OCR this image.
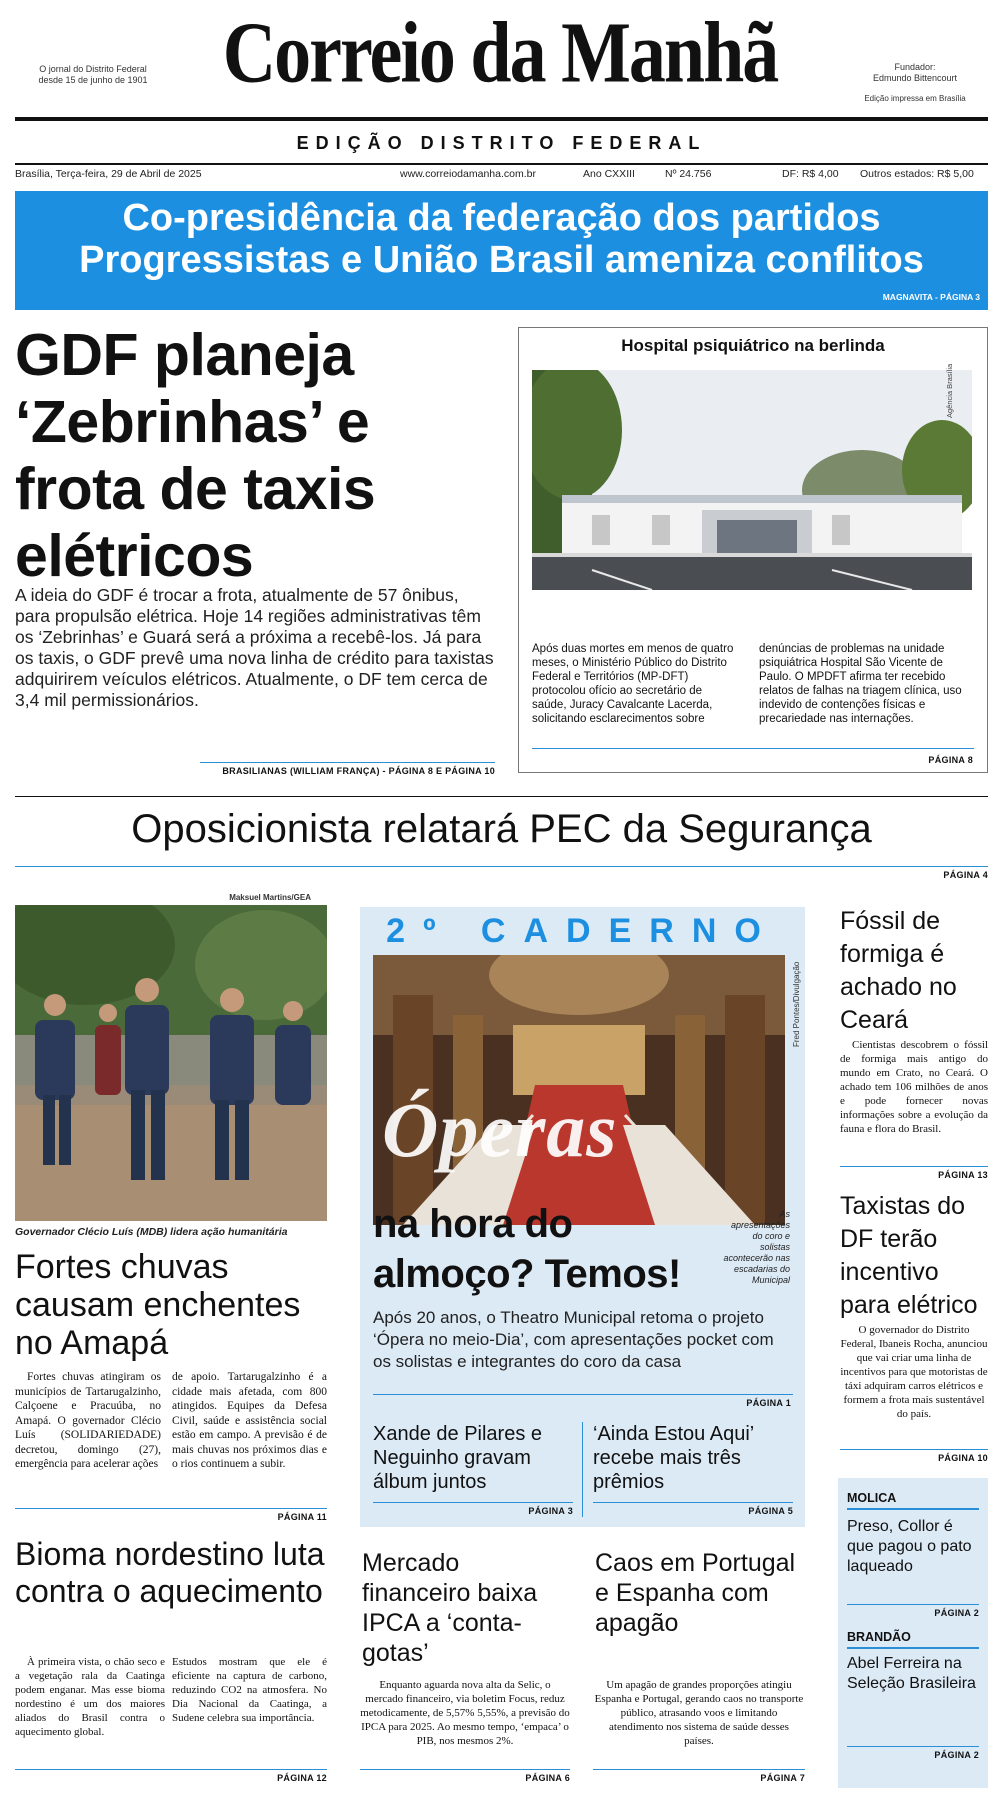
O jornal do Distrito Federal
desde 15 de junho de 1901	Correio da Manhã	Fundador:
Edmundo Bittencourt
Edição impressa em Brasília
EDIÇÃO DISTRITO FEDERAL
Brasília, Terça-feira, 29 de Abril de 2025	www.correiodamanha.com.br	Ano CXXIII	Nº 24.756	DF: R$ 4,00 Outros estados: R$ 5,00
Co-presidência da federação dos partidos
Progressistas e União Brasil ameniza conflitos
MAGNAVITA - PÁGINA 3
GDF planeja
‘Zebrinhas’ e
frota de taxis
elétricos
A ideia do GDF é trocar a frota, atualmente de 57 ônibus, para propulsão elétrica. Hoje 14 regiões administrativas têm os ‘Zebrinhas’ e Guará será a próxima a recebê-los. Já para os taxis, o GDF prevê uma nova linha de crédito para taxistas adquirirem veículos elétricos. Atualmente, o DF tem cerca de 3,4 mil permissionários.
BRASILIANAS (WILLIAM FRANÇA) - PÁGINA 8 E PÁGINA 10
Hospital psiquiátrico na berlinda
Agência Brasília
Após duas mortes em menos de quatro meses, o Ministério Público do Distrito Federal e Territórios (MP-DFT) protocolou ofício ao secretário de saúde, Juracy Cavalcante Lacerda, solicitando esclarecimentos sobre
denúncias de problemas na unidade psiquiátrica Hospital São Vicente de Paulo. O MPDFT afirma ter recebido relatos de falhas na triagem clínica, uso indevido de contenções físicas e precariedade nas internações.
PÁGINA 8
Oposicionista relatará PEC da Segurança
PÁGINA 4
Maksuel Martins/GEA
Governador Clécio Luís (MDB) lidera ação humanitária
Fortes chuvas causam enchentes no Amapá
Fortes chuvas atingiram os municípios de Tartarugalzinho, Calçoene e Pracuúba, no Amapá. O governador Clécio Luís (SOLIDARIEDADE) decretou, domingo (27), emergência para acelerar ações
de apoio. Tartarugalzinho é a cidade mais afetada, com 800 atingidos. Equipes da Defesa Civil, saúde e assistência social estão em campo. A previsão é de mais chuvas nos próximos dias e o rios continuem a subir.
PÁGINA 11
2º CADERNO
Óperas
Fred Pontes/Divulgação
na hora do
almoço? Temos!
As apresentações do coro e solistas acontecerão nas escadarias do Municipal
Após 20 anos, o Theatro Municipal retoma o projeto ‘Ópera no meio-Dia’, com apresentações pocket com os solistas e integrantes do coro da casa
PÁGINA 1
Xande de Pilares e Neguinho gravam álbum juntos
‘Ainda Estou Aqui’ recebe mais três prêmios
PÁGINA 3	PÁGINA 5
Fóssil de formiga é achado no Ceará
Cientistas descobrem o fóssil de formiga mais antigo do mundo em Crato, no Ceará. O achado tem 106 milhões de anos e pode fornecer novas informações sobre a evolução da fauna e flora do Brasil.
PÁGINA 13
Taxistas do DF terão incentivo para elétrico
O governador do Distrito Federal, Ibaneis Rocha, anunciou que vai criar uma linha de incentivos para que motoristas de táxi adquiram carros elétricos e formem a frota mais sustentável do país.
PÁGINA 10
MOLICA
Preso, Collor é que pagou o pato laqueado
PÁGINA 2
BRANDÃO
Abel Ferreira na Seleção Brasileira
PÁGINA 2
Bioma nordestino luta contra o aquecimento
À primeira vista, o chão seco e a vegetação rala da Caatinga podem enganar. Mas esse bioma nordestino é um dos maiores aliados do Brasil contra o aquecimento global.
Estudos mostram que ele é eficiente na captura de carbono, reduzindo CO2 na atmosfera. No Dia Nacional da Caatinga, a Sudene celebra sua importância.
PÁGINA 12
Mercado financeiro baixa IPCA a ‘conta-gotas’
Enquanto aguarda nova alta da Selic, o mercado financeiro, via boletim Focus, reduz metodicamente, de 5,57% 5,55%, a previsão do IPCA para 2025. Ao mesmo tempo, ‘empaca’ o PIB, nos mesmos 2%.
PÁGINA 6
Caos em Portugal e Espanha com apagão
Um apagão de grandes proporções atingiu Espanha e Portugal, gerando caos no transporte público, atrasando voos e limitando atendimento nos sistema de saúde desses países.
PÁGINA 7
